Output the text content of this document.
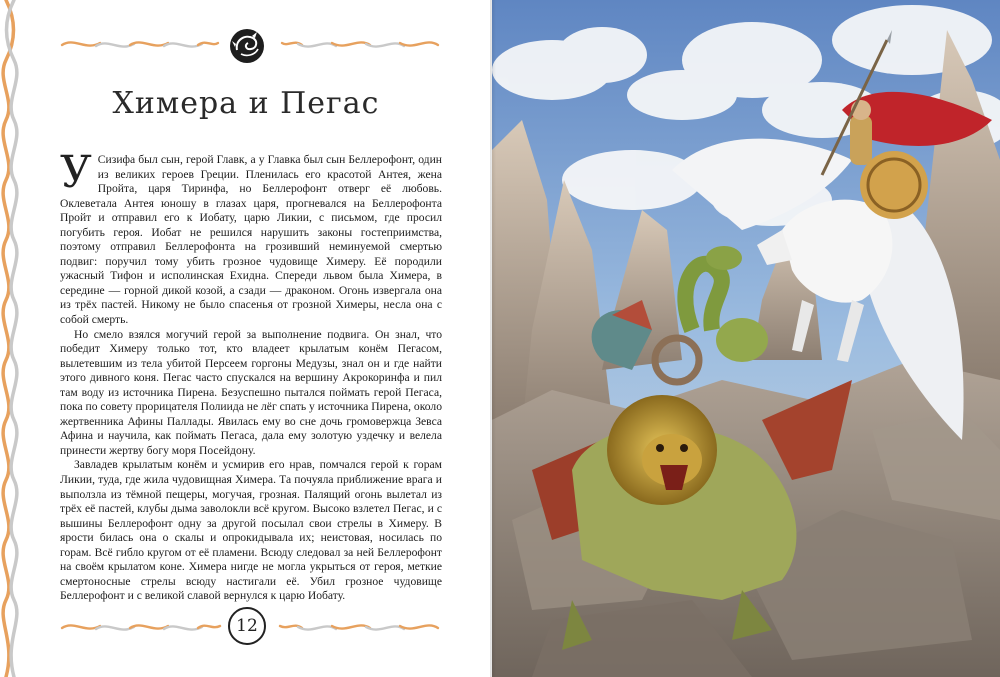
Химера и Пегас

У Сизифа был сын, герой Главк, а у Главка был сын Беллерофонт, один из великих героев Греции. Пленилась его красотой Антея, жена Пройта, царя Тиринфа, но Беллерофонт отверг её любовь. Оклеветала Антея юношу в глазах царя, прогневался на Беллерофонта Пройт и отправил его к Иобату, царю Ликии, с письмом, где просил погубить героя. Иобат не решился нарушить законы гостеприимства, поэтому отправил Беллерофонта на грозивший неминуемой смертью подвиг: поручил тому убить грозное чудовище Химеру. Её породили ужасный Тифон и исполинская Ехидна. Спереди львом была Химера, в середине — горной дикой козой, а сзади — драконом. Огонь извергала она из трёх пастей. Никому не было спасенья от грозной Химеры, несла она с собой смерть.

Но смело взялся могучий герой за выполнение подвига. Он знал, что победит Химеру только тот, кто владеет крылатым конём Пегасом, вылетевшим из тела убитой Персеем горгоны Медузы, знал он и где найти этого дивного коня. Пегас часто спускался на вершину Акрокоринфа и пил там воду из источника Пирена. Безуспешно пытался поймать герой Пегаса, пока по совету прорицателя Полиида не лёг спать у источника Пирена, около жертвенника Афины Паллады. Явилась ему во сне дочь громовержца Зевса Афина и научила, как поймать Пегаса, дала ему золотую уздечку и велела принести жертву богу моря Посейдону.

Завладев крылатым конём и усмирив его нрав, помчался герой к горам Ликии, туда, где жила чудовищная Химера. Та почуяла приближение врага и выползла из тёмной пещеры, могучая, грозная. Палящий огонь вылетал из трёх её пастей, клубы дыма заволокли всё кругом. Высоко взлетел Пегас, и с вышины Беллерофонт одну за другой посылал свои стрелы в Химеру. В ярости билась она о скалы и опрокидывала их; неистовая, носилась по горам. Всё гибло кругом от её пламени. Всюду следовал за ней Беллерофонт на своём крылатом коне. Химера нигде не могла укрыться от героя, меткие смертоносные стрелы всюду настигали её. Убил грозное чудовище Беллерофонт и с великой славой вернулся к царю Иобату.

12
